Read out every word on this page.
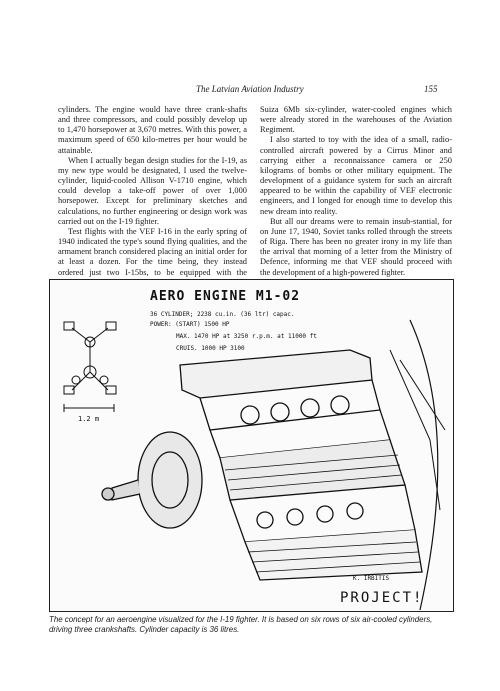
The Latvian Aviation Industry	155

cylinders. The engine would have three crank-shafts and three compressors, and could possibly develop up to 1,470 horsepower at 3,670 metres. With this power, a maximum speed of 650 kilo-metres per hour would be attainable.

When I actually began design studies for the I-19, as my new type would be designated, I used the twelve-cylinder, liquid-cooled Allison V-1710 engine, which could develop a take-off power of over 1,000 horsepower. Except for preliminary sketches and calculations, no further engineering or design work was carried out on the I-19 fighter.

Test flights with the VEF I-16 in the early spring of 1940 indicated the type's sound flying qualities, and the armament branch considered placing an initial order for at least a dozen. For the time being, they instead ordered just two I-15bs, to be equipped with the

Suiza 6Mb six-cylinder, water-cooled engines which were already stored in the warehouses of the Aviation Regiment.

I also started to toy with the idea of a small, radio-controlled aircraft powered by a Cirrus Minor and carrying either a reconnaissance camera or 250 kilograms of bombs or other military equipment. The development of a guidance system for such an aircraft appeared to be within the capability of VEF electronic engineers, and I longed for enough time to develop this new dream into reality.

But all our dreams were to remain insub-stantial, for on June 17, 1940, Soviet tanks rolled through the streets of Riga. There has been no greater irony in my life than the arrival that morning of a letter from the Ministry of Defence, informing me that VEF should proceed with the development of a high-powered fighter.

AERO ENGINE M1-02
36 CYLINDER; 2238 cu.in. (36 ltr) capac.
POWER: (START) 1500 HP
MAX. 1470 HP at 3250 r.p.m. at 11000 ft
CRUIS. 1000 HP 3100
1.2 m
K. IRBITIS
PROJECT!
The concept for an aeroengine visualized for the I-19 fighter. It is based on six rows of six air-cooled cylinders, driving three crankshafts. Cylinder capacity is 36 litres.
